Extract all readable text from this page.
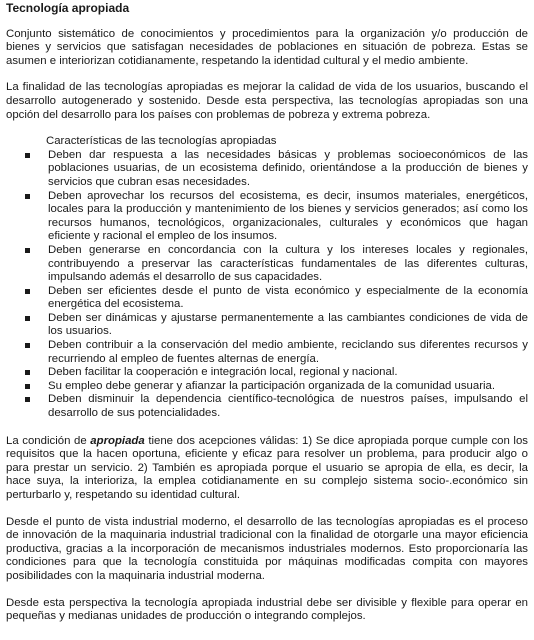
Tecnología apropiada

Conjunto sistemático de conocimientos y procedimientos para la organización y/o producción de bienes y servicios que satisfagan necesidades de poblaciones en situación de pobreza. Estas se asumen e interiorizan cotidianamente, respetando la identidad cultural y el medio ambiente.

La finalidad de las tecnologías apropiadas es mejorar la calidad de vida de los usuarios, buscando el desarrollo autogenerado y sostenido. Desde esta perspectiva, las tecnologías apropiadas son una opción del desarrollo para los países con problemas de pobreza y extrema pobreza.

Características de las tecnologías apropiadas
Deben dar respuesta a las necesidades básicas y problemas socioeconómicos de las poblaciones usuarias, de un ecosistema definido, orientándose a la producción de bienes y servicios que cubran esas necesidades.
Deben aprovechar los recursos del ecosistema, es decir, insumos materiales, energéticos, locales para la producción y mantenimiento de los bienes y servicios generados; así como los recursos humanos, tecnológicos, organizacionales, culturales y económicos que hagan eficiente y racional el empleo de los insumos.
Deben generarse en concordancia con la cultura y los intereses locales y regionales, contribuyendo a preservar las características fundamentales de las diferentes culturas, impulsando además el desarrollo de sus capacidades.
Deben ser eficientes desde el punto de vista económico y especialmente de la economía energética del ecosistema.
Deben ser dinámicas y ajustarse permanentemente a las cambiantes condiciones de vida de los usuarios.
Deben contribuir a la conservación del medio ambiente, reciclando sus diferentes recursos y recurriendo al empleo de fuentes alternas de energía.
Deben facilitar la cooperación e integración local, regional y nacional.
Su empleo debe generar y afianzar la participación organizada de la comunidad usuaria.
Deben disminuir la dependencia científico-tecnológica de nuestros países, impulsando el desarrollo de sus potencialidades.

La condición de apropiada tiene dos acepciones válidas: 1) Se dice apropiada porque cumple con los requisitos que la hacen oportuna, eficiente y eficaz para resolver un problema, para producir algo o para prestar un servicio. 2) También es apropiada porque el usuario se apropia de ella, es decir, la hace suya, la interioriza, la emplea cotidianamente en su complejo sistema socio-.económico sin perturbarlo y, respetando su identidad cultural.

Desde el punto de vista industrial moderno, el desarrollo de las tecnologías apropiadas es el proceso de innovación de la maquinaria industrial tradicional con la finalidad de otorgarle una mayor eficiencia productiva, gracias a la incorporación de mecanismos industriales modernos. Esto proporcionaría las condiciones para que la tecnología constituida por máquinas modificadas compita con mayores posibilidades con la maquinaria industrial moderna.

Desde esta perspectiva la tecnología apropiada industrial debe ser divisible y flexible para operar en pequeñas y medianas unidades de producción o integrando complejos.
